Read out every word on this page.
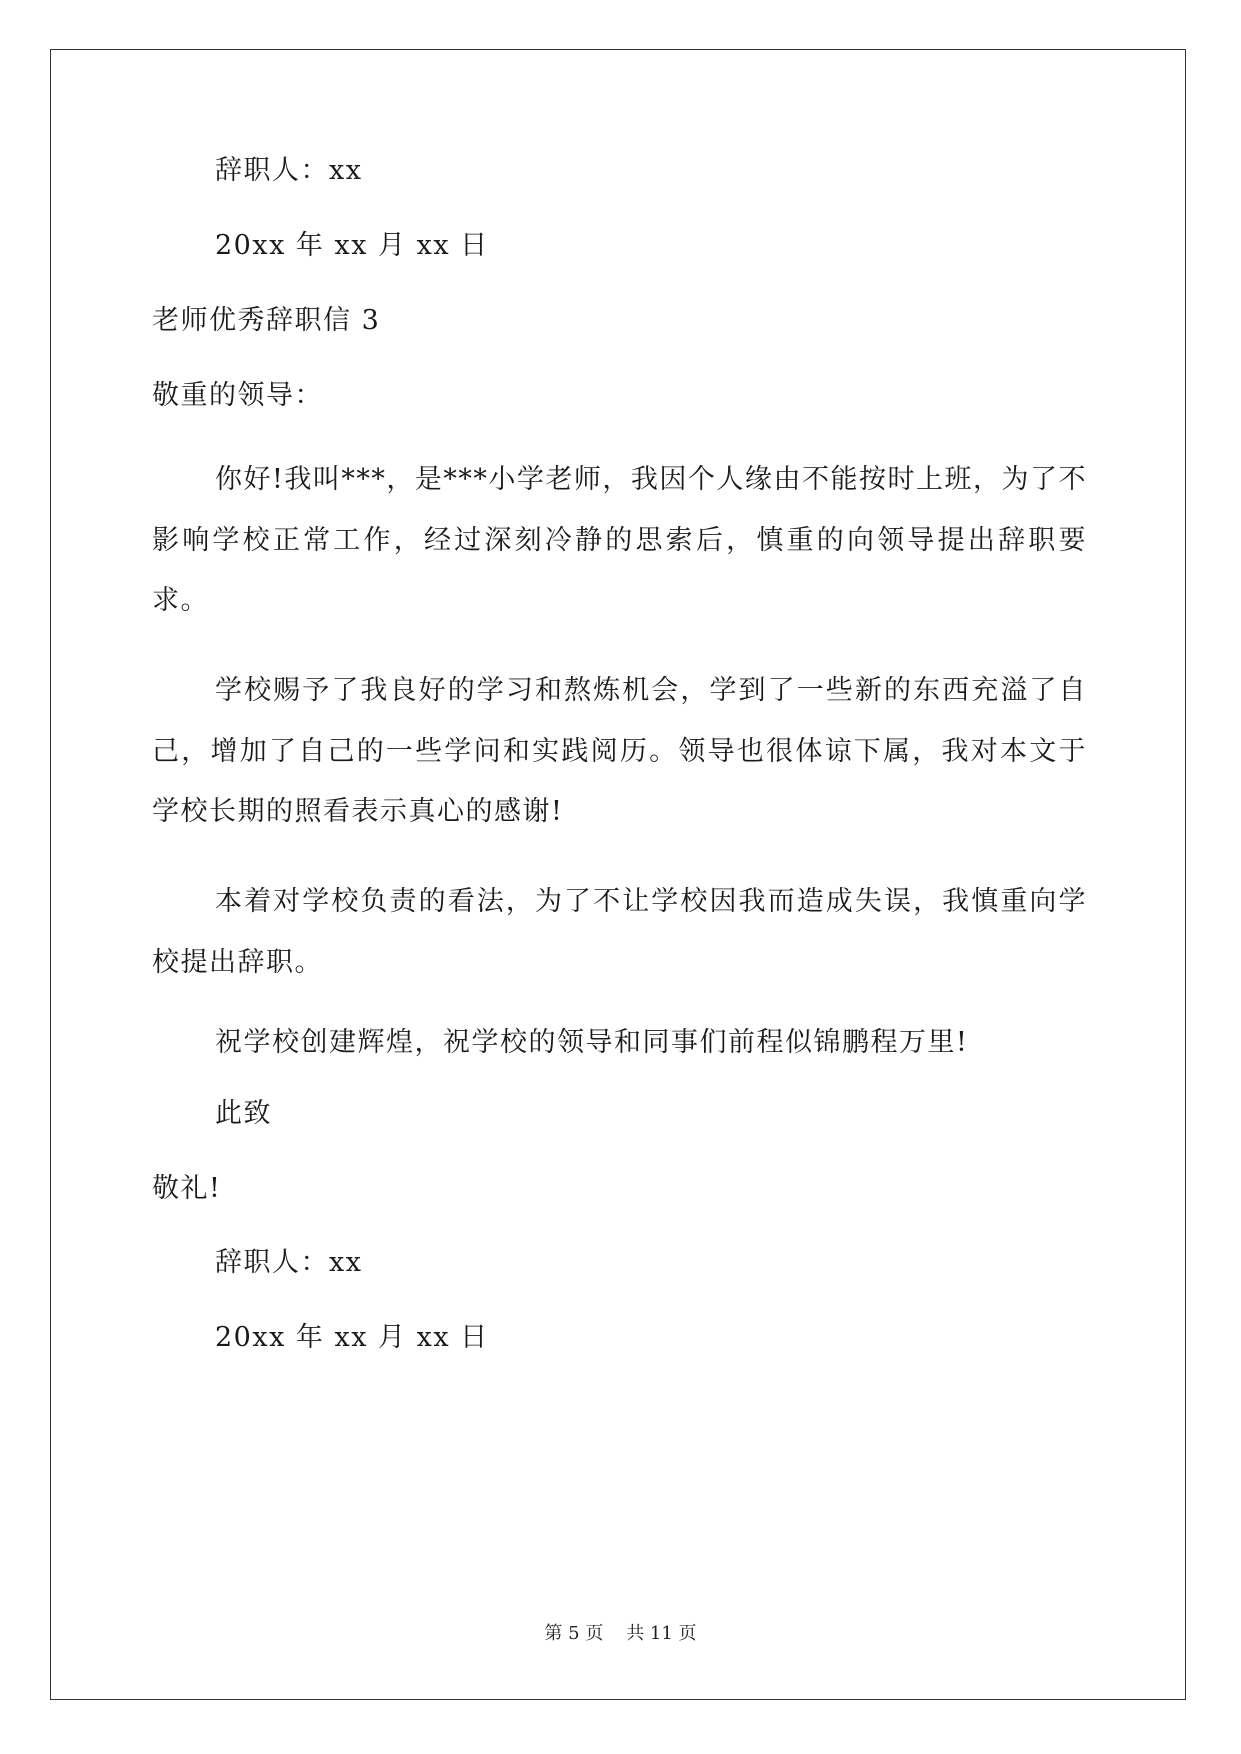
辞职人：xx
20xx 年 xx 月 xx 日
老师优秀辞职信 3
敬重的领导：
你好!我叫***，是***小学老师，我因个人缘由不能按时上班，为了不影响学校正常工作，经过深刻冷静的思索后，慎重的向领导提出辞职要求。
学校赐予了我良好的学习和熬炼机会，学到了一些新的东西充溢了自己，增加了自己的一些学问和实践阅历。领导也很体谅下属，我对本文于学校长期的照看表示真心的感谢!
本着对学校负责的看法，为了不让学校因我而造成失误，我慎重向学校提出辞职。
祝学校创建辉煌，祝学校的领导和同事们前程似锦鹏程万里!
此致
敬礼!
辞职人：xx
20xx 年 xx 月 xx 日
第 5 页    共 11 页
